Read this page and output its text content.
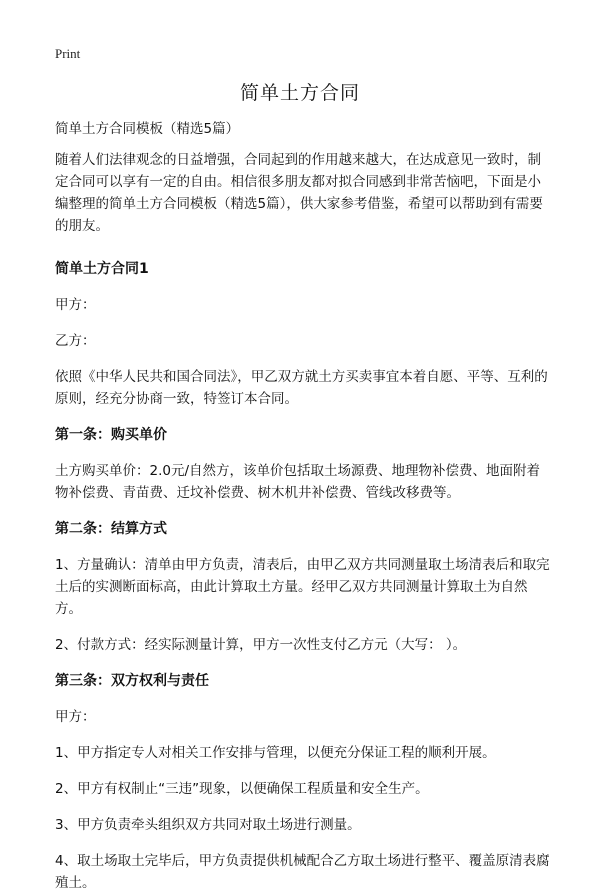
Print
简单土方合同

简单土方合同模板（精选5篇）

随着人们法律观念的日益增强，合同起到的作用越来越大，在达成意见一致时，制定合同可以享有一定的自由。相信很多朋友都对拟合同感到非常苦恼吧，下面是小编整理的简单土方合同模板（精选5篇），供大家参考借鉴，希望可以帮助到有需要的朋友。

简单土方合同1

甲方：

乙方：

依照《中华人民共和国合同法》，甲乙双方就土方买卖事宜本着自愿、平等、互利的原则，经充分协商一致，特签订本合同。

第一条：购买单价

土方购买单价：2.0元/自然方，该单价包括取土场源费、地理物补偿费、地面附着物补偿费、青苗费、迁坟补偿费、树木机井补偿费、管线改移费等。

第二条：结算方式

1、方量确认：清单由甲方负责，清表后，由甲乙双方共同测量取土场清表后和取完土后的实测断面标高，由此计算取土方量。经甲乙双方共同测量计算取土为自然方。

2、付款方式：经实际测量计算，甲方一次性支付乙方元（大写： ）。

第三条：双方权利与责任

甲方：

1、甲方指定专人对相关工作安排与管理，以便充分保证工程的顺利开展。

2、甲方有权制止“三违”现象，以便确保工程质量和安全生产。

3、甲方负责牵头组织双方共同对取土场进行测量。

4、取土场取土完毕后，甲方负责提供机械配合乙方取土场进行整平、覆盖原清表腐殖土。
